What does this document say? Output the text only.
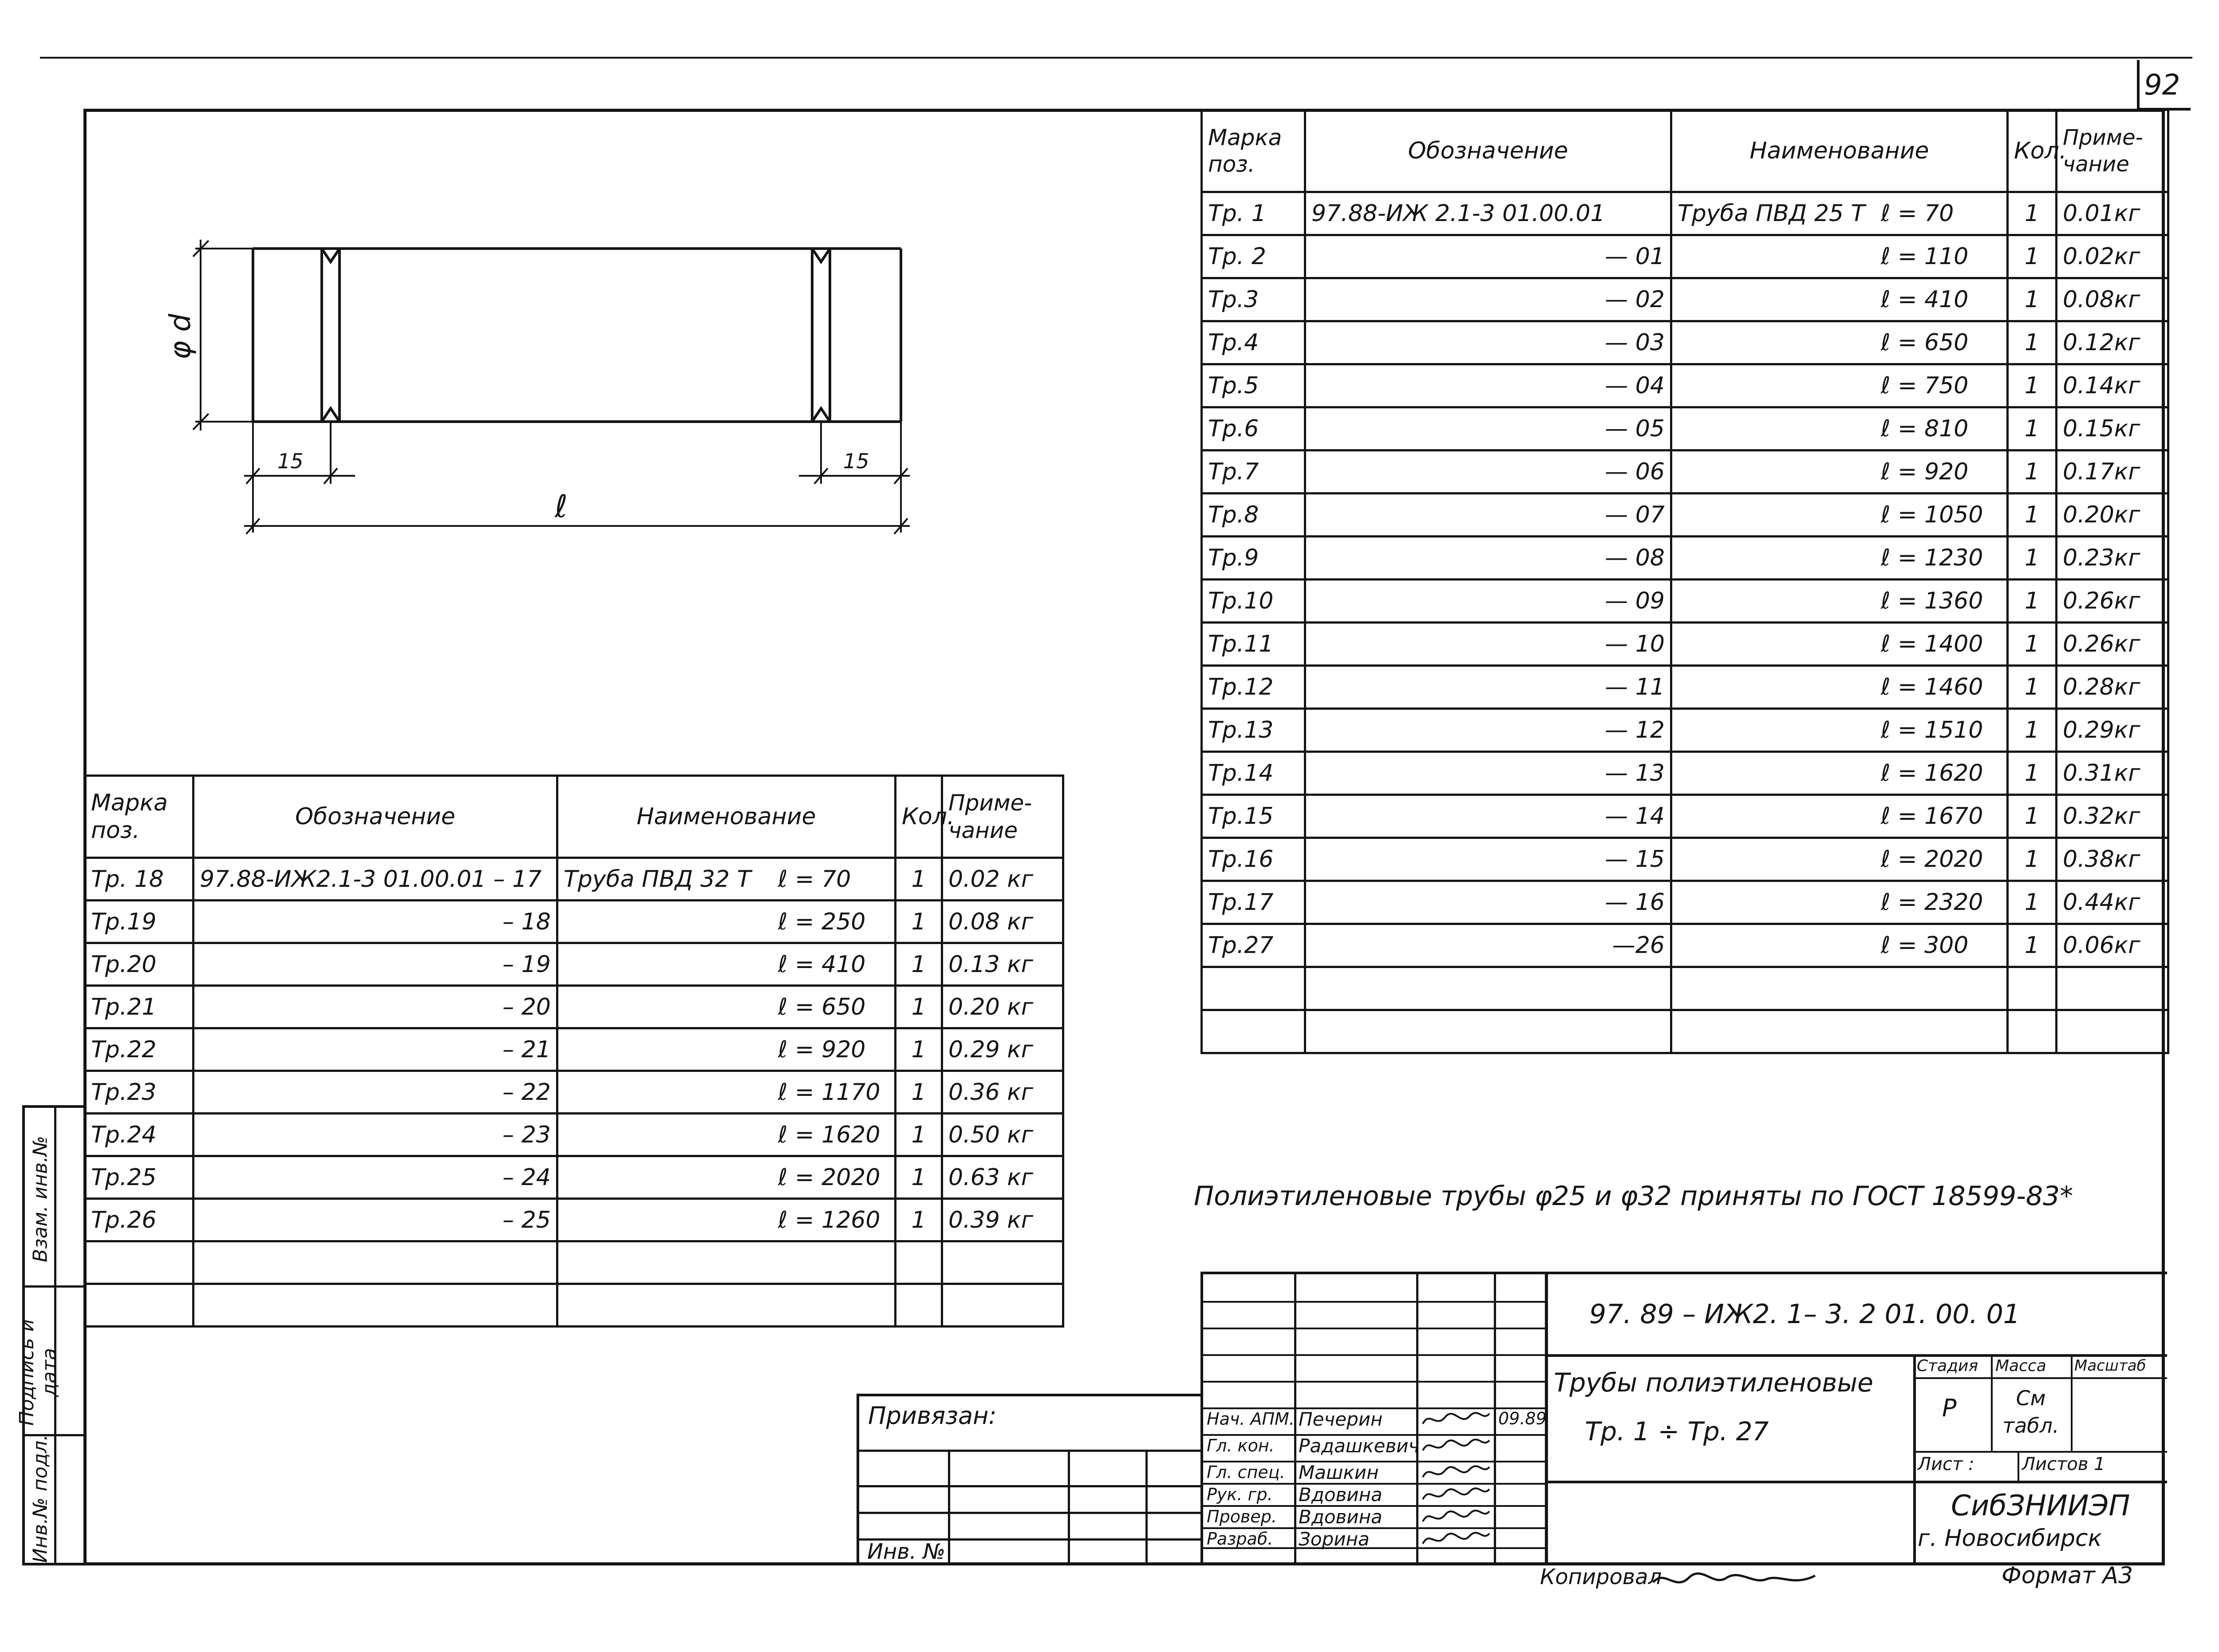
92
Взам. инв.№
Подпись и дата
Инв.№ подл.
φ d
15	15
ℓ
Марка поз.	Обозначение	Наименование	Кол.	Приме-чание
Тр. 1	97.88-ИЖ 2.1-3 01.00.01	Труба ПВД 25 Т ℓ = 70	1	0.01кг
Тр. 2	— 01	ℓ = 110	1	0.02кг
Тр.3	— 02	ℓ = 410	1	0.08кг
Тр.4	— 03	ℓ = 650	1	0.12кг
Тр.5	— 04	ℓ = 750	1	0.14кг
Тр.6	— 05	ℓ = 810	1	0.15кг
Тр.7	— 06	ℓ = 920	1	0.17кг
Тр.8	— 07	ℓ = 1050	1	0.20кг
Тр.9	— 08	ℓ = 1230	1	0.23кг
Тр.10	— 09	ℓ = 1360	1	0.26кг
Тр.11	— 10	ℓ = 1400	1	0.26кг
Тр.12	— 11	ℓ = 1460	1	0.28кг
Тр.13	— 12	ℓ = 1510	1	0.29кг
Тр.14	— 13	ℓ = 1620	1	0.31кг
Тр.15	— 14	ℓ = 1670	1	0.32кг
Тр.16	— 15	ℓ = 2020	1	0.38кг
Тр.17	— 16	ℓ = 2320	1	0.44кг
Тр.27	—26	ℓ = 300	1	0.06кг

Марка поз.	Обозначение	Наименование	Кол.	Приме-чание
Тр. 18	97.88-ИЖ2.1-3 01.00.01 – 17	Труба ПВД 32 Т ℓ = 70	1	0.02 кг
Тр.19	– 18	ℓ = 250	1	0.08 кг
Тр.20	– 19	ℓ = 410	1	0.13 кг
Тр.21	– 20	ℓ = 650	1	0.20 кг
Тр.22	– 21	ℓ = 920	1	0.29 кг
Тр.23	– 22	ℓ = 1170	1	0.36 кг
Тр.24	– 23	ℓ = 1620	1	0.50 кг
Тр.25	– 24	ℓ = 2020	1	0.63 кг
Тр.26	– 25	ℓ = 1260	1	0.39 кг

Полиэтиленовые трубы φ25 и φ32 приняты по ГОСТ 18599-83*
Привязан:
Инв. №
Нач. АПМ. Печерин
Гл. кон. Радашкевич
Гл. спец. Машкин
Рук. гр. Вдовина
Провер. Вдовина
Разраб. Зорина
09.89
97. 89 – ИЖ2. 1– 3. 2 01. 00. 01
Трубы полиэтиленовые
Тр. 1 ÷ Тр. 27
Стадия Масса Масштаб
Р	См табл.
Лист :	Листов 1
СибЗНИИЭП
г. Новосибирск
Копировал	Формат А3
